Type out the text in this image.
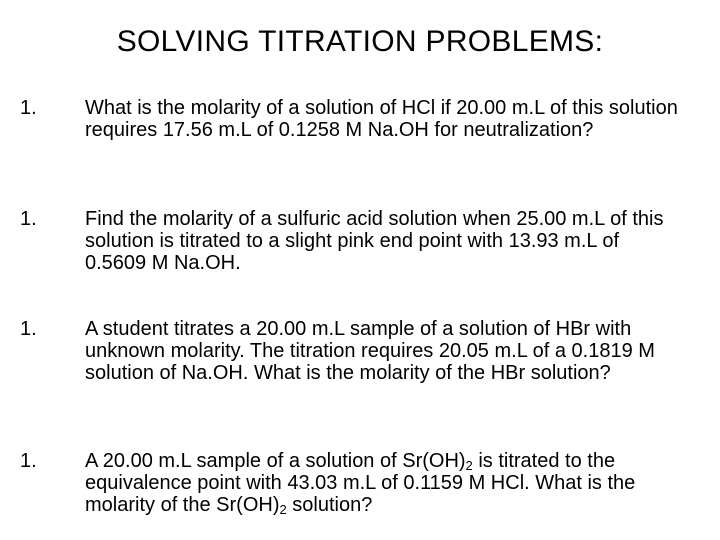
SOLVING TITRATION PROBLEMS:
1.	What is the molarity of a solution of HCl if 20.00 m.L of this solution requires 17.56 m.L of 0.1258 M Na.OH for neutralization?
1.	Find the molarity of a sulfuric acid solution when 25.00 m.L of this solution is titrated to a slight pink end point with 13.93 m.L of 0.5609 M Na.OH.
1.	A student titrates a 20.00 m.L sample of a solution of HBr with unknown molarity. The titration requires 20.05 m.L of a 0.1819 M solution of Na.OH. What is the molarity of the HBr solution?
1.	A 20.00 m.L sample of a solution of $Sr(OH)_2$ is titrated to the equivalence point with 43.03 m.L of 0.1159 M HCl. What is the molarity of the $Sr(OH)_2$ solution?
